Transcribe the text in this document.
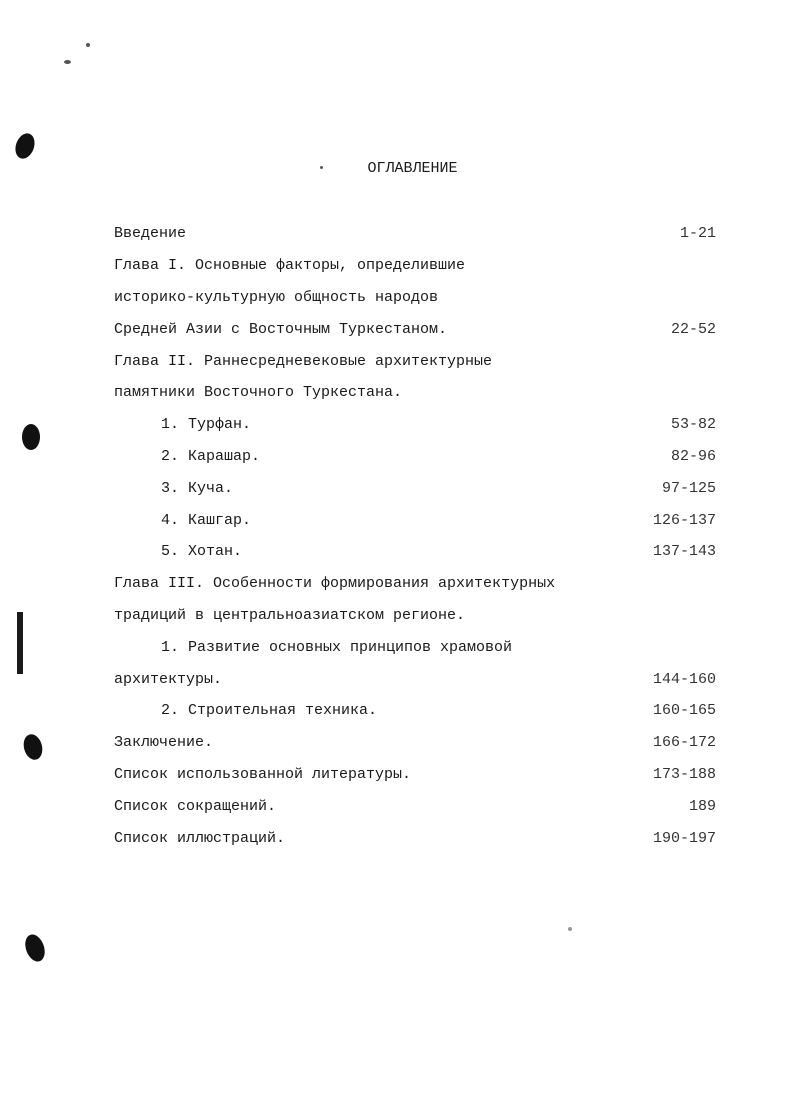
ОГЛАВЛЕНИЕ
Введение	1-21
Глава I. Основные факторы, определившие
историко-культурную общность народов
Средней Азии с Восточным Туркестаном.	22-52
Глава II. Раннесредневековые архитектурные
памятники Восточного Туркестана.
1. Турфан.	53-82
2. Карашар.	82-96
3. Куча.	97-125
4. Кашгар.	126-137
5. Хотан.	137-143
Глава III. Особенности формирования архитектурных
традиций в центральноазиатском регионе.
1. Развитие основных принципов храмовой
архитектуры.	144-160
2. Строительная техника.	160-165
Заключение.	166-172
Список использованной литературы.	173-188
Список сокращений.	189
Список иллюстраций.	190-197
